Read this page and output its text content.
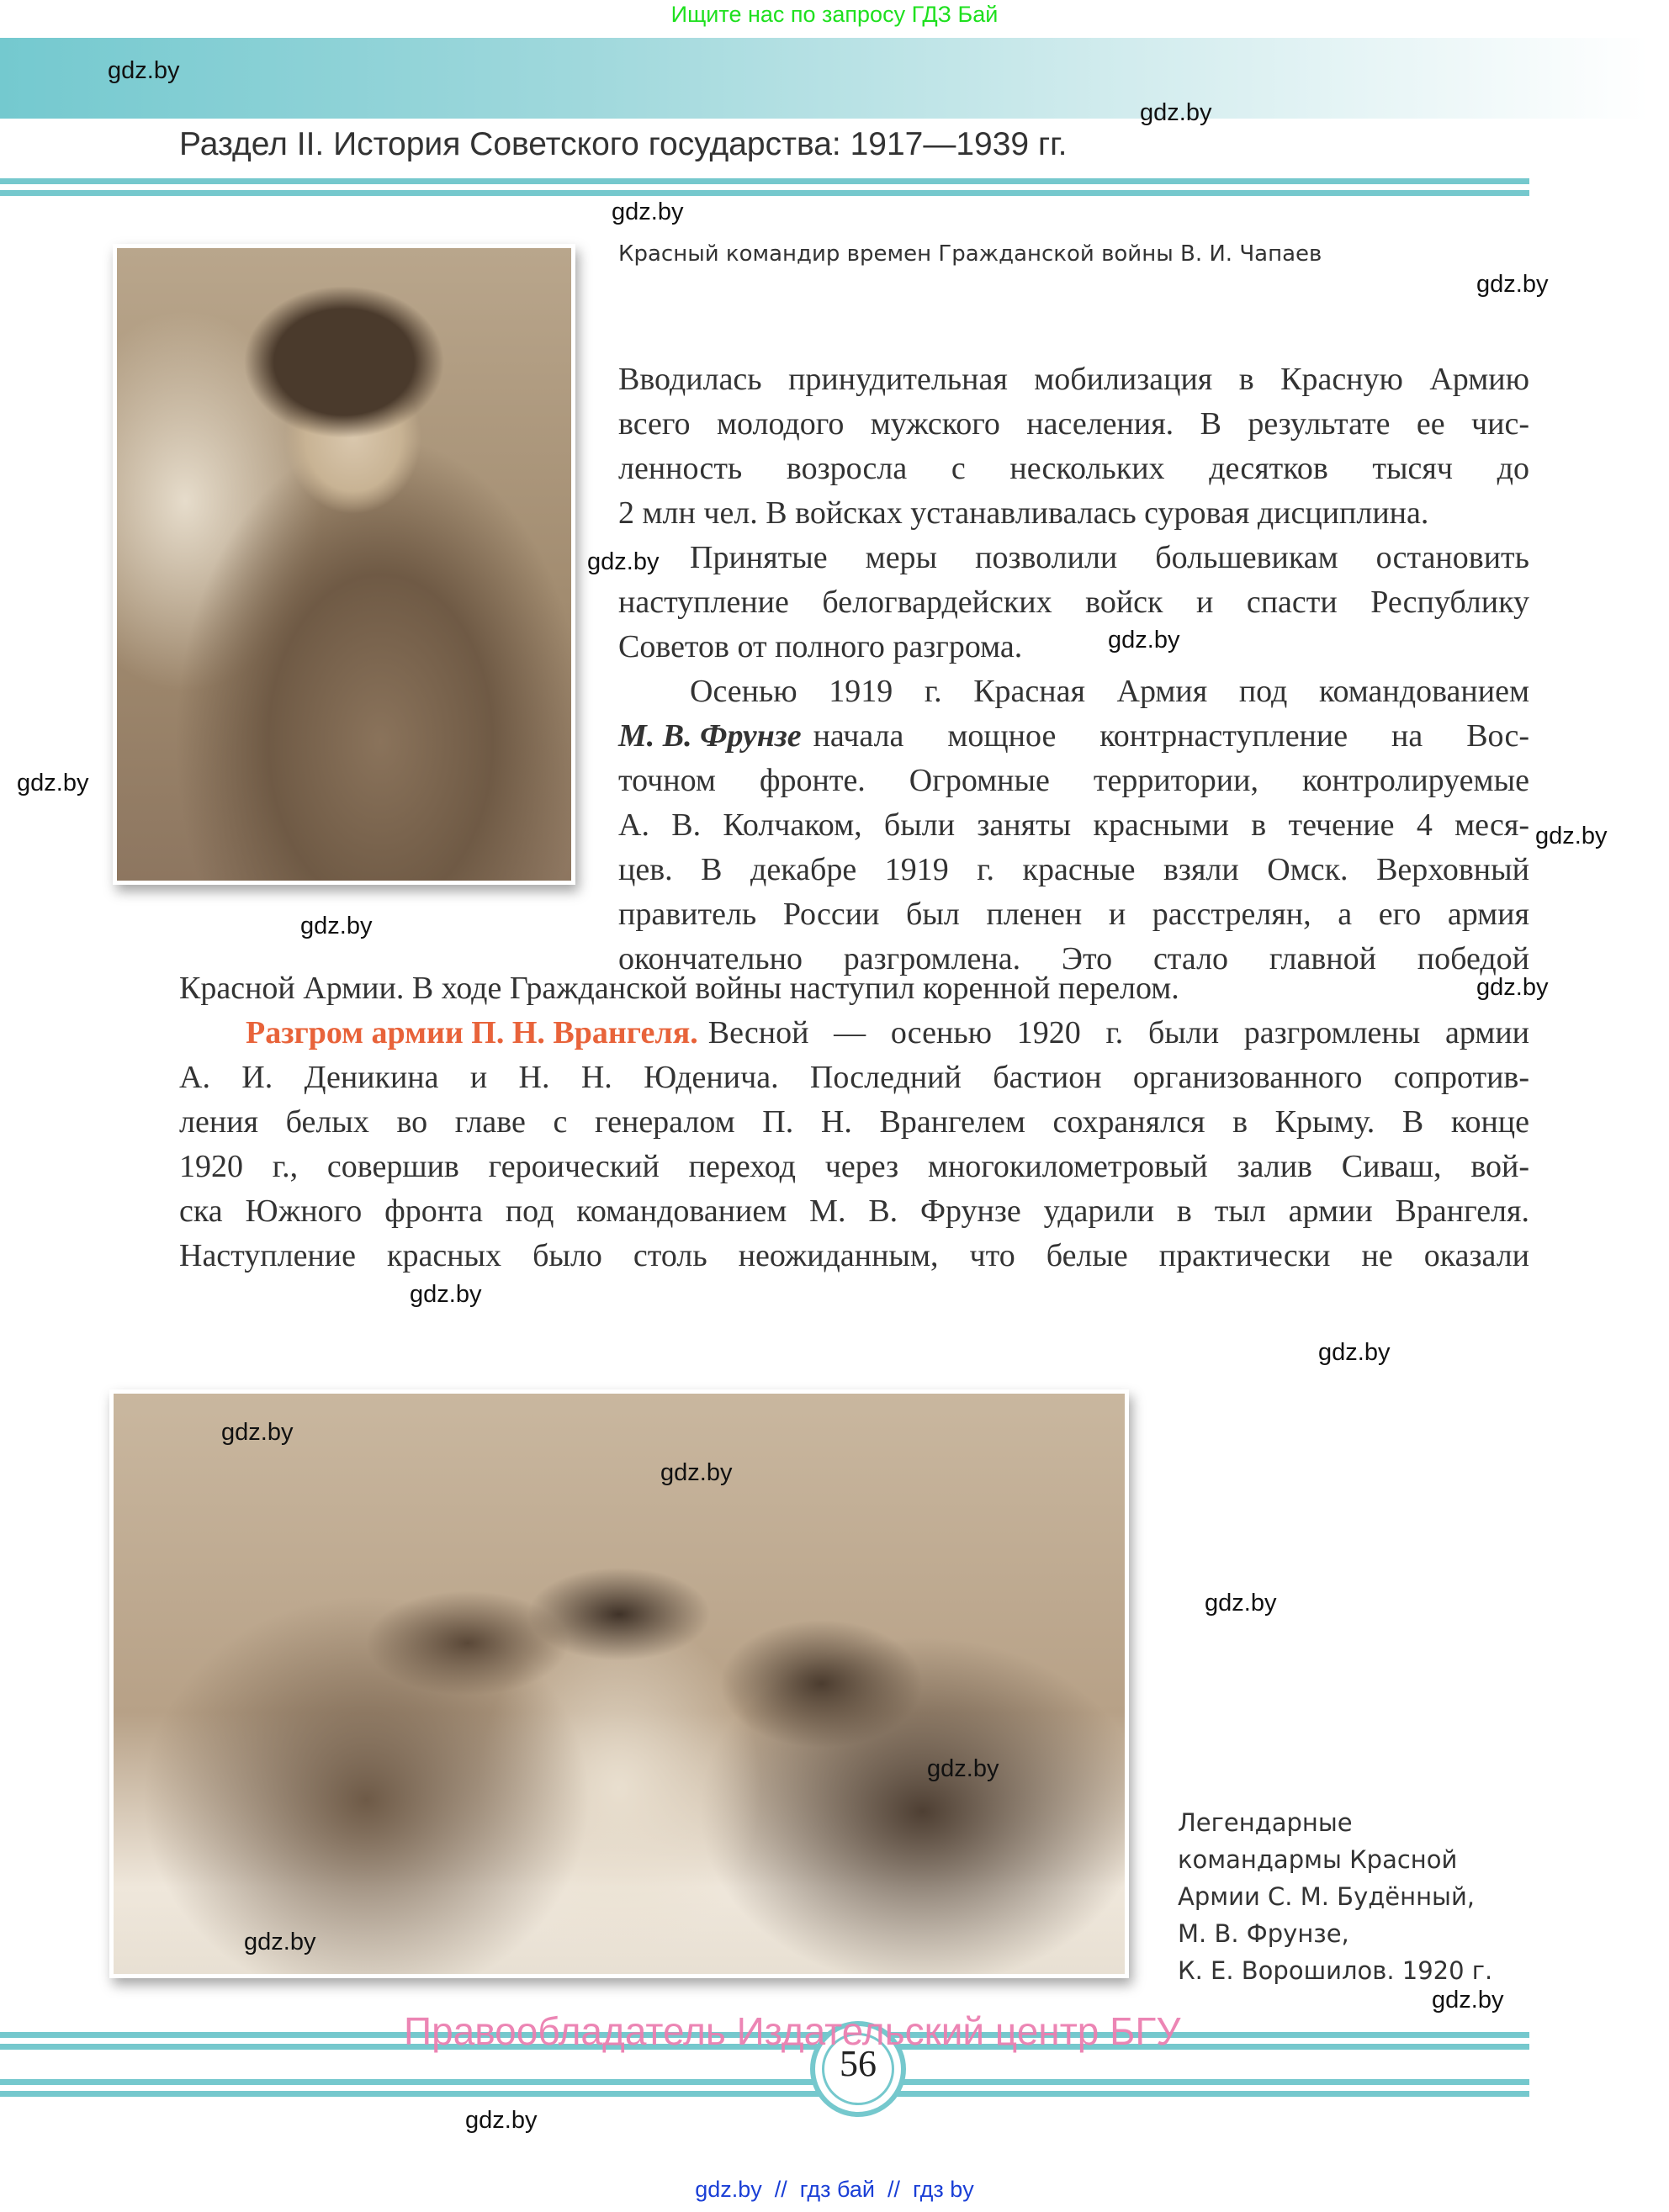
Ищите нас по запросу ГДЗ Бай
gdz.by
gdz.by
Раздел II. История Советского государства: 1917—1939 гг.
gdz.by
Красный командир времен Гражданской войны В. И. Чапаев
gdz.by
Вводилась принудительная мобилизация в Красную Армию
всего молодого мужского населения. В результате ее чис-
ленность возросла с нескольких десятков тысяч до
2 млн чел. В войсках устанавливалась суровая дисциплина.
gdz.by Принятые меры позволили большевикам остановить
наступление белогвардейских войск и спасти Республику
Советов от полного разгрома.	gdz.by
Осенью 1919 г. Красная Армия под командованием
М. В. Фрунзе начала мощное контрнаступление на Вос-
точном фронте. Огромные территории, контролируемые
А. В. Колчаком, были заняты красными в течение 4 меся-
цев. В декабре 1919 г. красные взяли Омск. Верховный
правитель России был пленен и расстрелян, а его армия
окончательно разгромлена. Это стало главной победой
gdz.by
gdz.by
gdz.by
Красной Армии. В ходе Гражданской войны наступил коренной перелом.	gdz.by
Разгром армии П. Н. Врангеля. Весной — осенью 1920 г. были разгромлены армии
А. И. Деникина и Н. Н. Юденича. Последний бастион организованного сопротив-
ления белых во главе с генералом П. Н. Врангелем сохранялся в Крыму. В конце
1920 г., совершив героический переход через многокилометровый залив Сиваш, вой-
ска Южного фронта под командованием М. В. Фрунзе ударили в тыл армии Врангеля.
Наступление красных было столь неожиданным, что белые практически не оказали
gdz.by
gdz.by
gdz.by
gdz.by
gdz.by
gdz.by
gdz.by
Легендарные
командармы Красной
Армии С. М. Будённый,
М. В. Фрунзе,
К. Е. Ворошилов. 1920 г.
gdz.by
56
Правообладатель Издательский центр БГУ
gdz.by
gdz.by  //  гдз бай  //  гдз by
